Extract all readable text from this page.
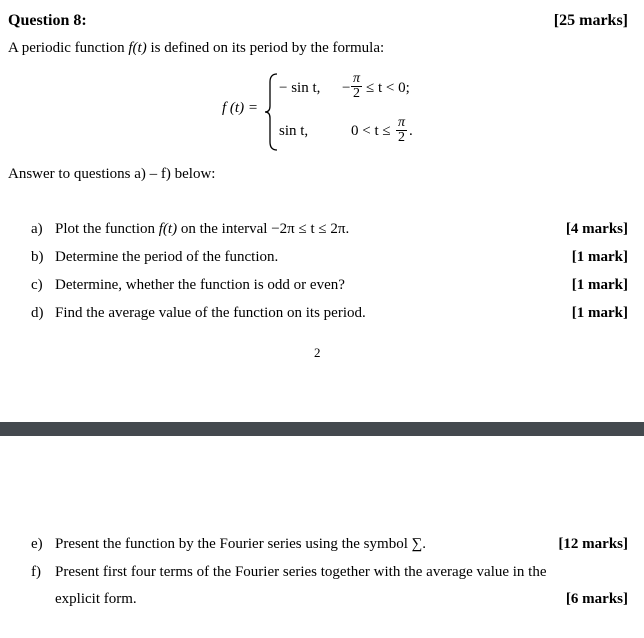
Question 8:	[25 marks]
A periodic function f(t) is defined on its period by the formula:
f (t) =
− sin t, −
π
2 ≤ t < 0;
sin t,	0 < t ≤
π
2 .
Answer to questions a) – f) below:
a) Plot the function f(t) on the interval −2π ≤ t ≤ 2π.	[4 marks]
b) Determine the period of the function.	[1 mark]
c) Determine, whether the function is odd or even?	[1 mark]
d) Find the average value of the function on its period.	[1 mark]
2
e) Present the function by the Fourier series using the symbol ∑.	[12 marks]
f) Present first four terms of the Fourier series together with the average value in the
explicit form.	[6 marks]
